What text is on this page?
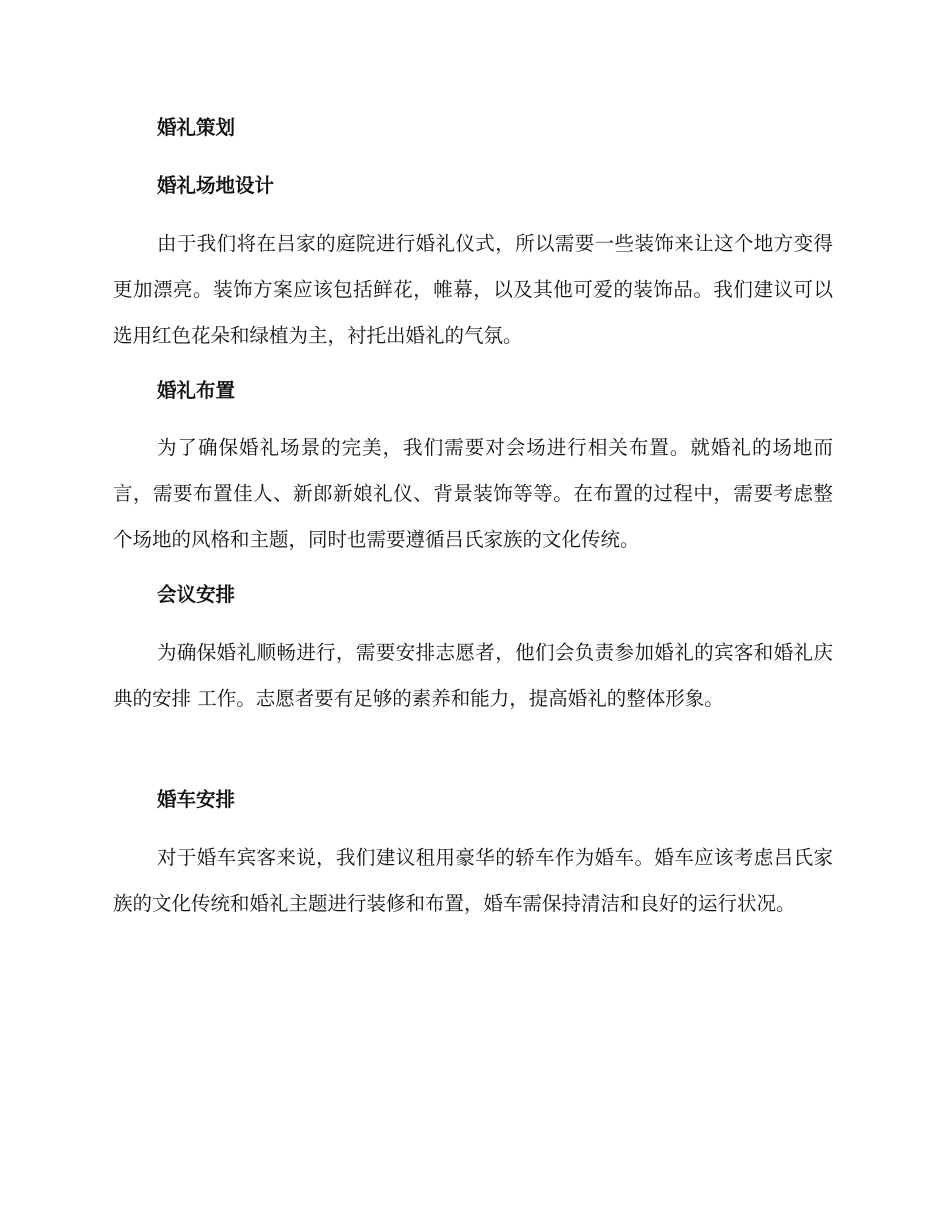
婚礼策划
婚礼场地设计

由于我们将在吕家的庭院进行婚礼仪式，所以需要一些装饰来让这个地方变得更加漂亮。装饰方案应该包括鲜花，帷幕，以及其他可爱的装饰品。我们建议可以选用红色花朵和绿植为主，衬托出婚礼的气氛。

婚礼布置

为了确保婚礼场景的完美，我们需要对会场进行相关布置。就婚礼的场地而言，需要布置佳人、新郎新娘礼仪、背景装饰等等。在布置的过程中，需要考虑整个场地的风格和主题，同时也需要遵循吕氏家族的文化传统。

会议安排

为确保婚礼顺畅进行，需要安排志愿者，他们会负责参加婚礼的宾客和婚礼庆典的安排 工作。志愿者要有足够的素养和能力，提高婚礼的整体形象。

婚车安排

对于婚车宾客来说，我们建议租用豪华的轿车作为婚车。婚车应该考虑吕氏家族的文化传统和婚礼主题进行装修和布置，婚车需保持清洁和良好的运行状况。
